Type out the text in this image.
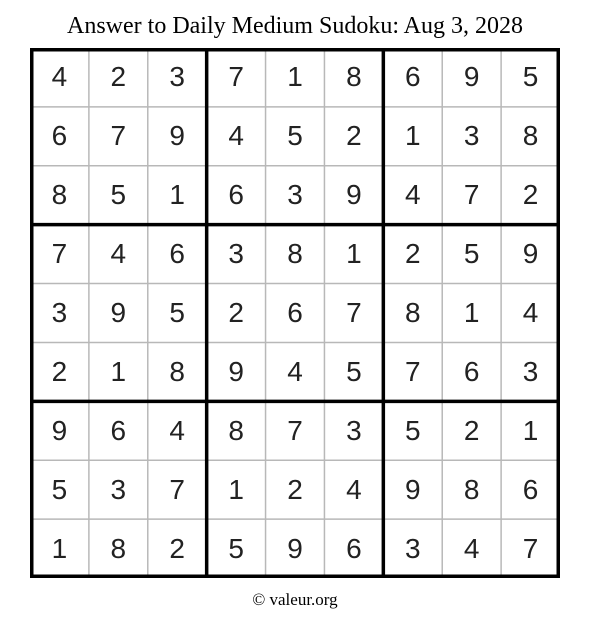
Answer to Daily Medium Sudoku: Aug 3, 2028
4	2	3	7	1	8	6	9	5
6	7	9	4	5	2	1	3	8
8	5	1	6	3	9	4	7	2
7	4	6	3	8	1	2	5	9
3	9	5	2	6	7	8	1	4
2	1	8	9	4	5	7	6	3
9	6	4	8	7	3	5	2	1
5	3	7	1	2	4	9	8	6
1	8	2	5	9	6	3	4	7
© valeur.org
